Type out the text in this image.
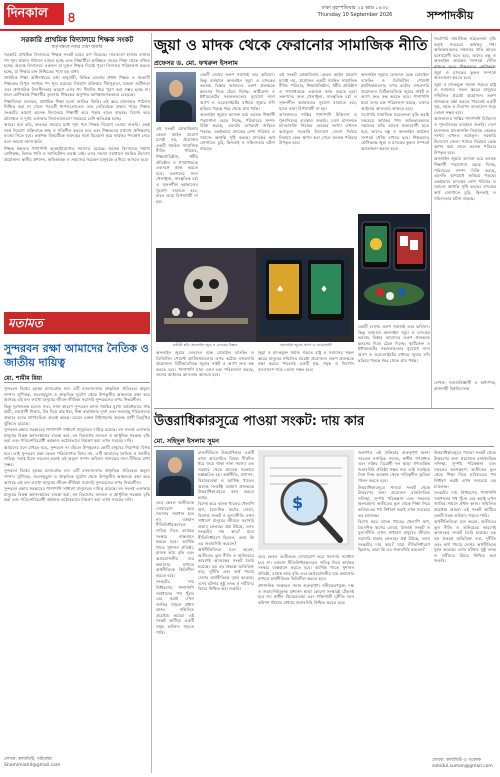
দিনকাল ৪
ঢাকা বৃহস্পতিবার ২৫ ভাদ্র ১৪৩৩
Thursday 10 September 2026	সম্পাদকীয়
সরকারি প্রাথমিক বিদ্যালয়ে শিক্ষক সংকট
কর্তৃপক্ষকে নজর দেয়া জরুরি

সরকারি প্রাথমিক বিদ্যালয়ে শিক্ষক সংকট চরমে রূপ নিয়েছে। সারাদেশে হাজার হাজার পদ শূন্য থাকায় পাঠদান ব্যাহত হচ্ছে এবং শিক্ষার্থীরা কাঙ্ক্ষিত মানের শিক্ষা থেকে বঞ্চিত হচ্ছে। অনেক বিদ্যালয়ে একজন বা দুজন শিক্ষক দিয়েই পুরো বিদ্যালয় পরিচালনা করতে হচ্ছে, যা শিক্ষার মান নিশ্চিতের পথে বড় বাধা।

প্রাথমিক শিক্ষা অধিদপ্তরের তথ্য অনুযায়ী, বিভিন্ন জেলায় প্রধান শিক্ষক ও সহকারী শিক্ষকের বিপুল সংখ্যক পদ শূন্য রয়েছে। নিয়োগ প্রক্রিয়ার দীর্ঘসূত্রতা, মামলা জটিলতা এবং প্রশাসনিক উদাসীনতার কারণে এসব পদ দীর্ঘদিন ধরে পূরণ করা সম্ভব হচ্ছে না। ফলে শ্রেণিকক্ষে শিক্ষার্থীর তুলনায় শিক্ষকের অনুপাত আশঙ্কাজনকভাবে বেড়েছে।

শিক্ষাবিদরা বলছেন, প্রাথমিক শিক্ষা হলো জাতির ভিত্তি। এই স্তরে মানসম্মত পাঠদান নিশ্চিত করা না গেলে পরবর্তী ধাপগুলোতেও তার নেতিবাচক প্রভাব পড়ে। শিক্ষক সংকটের কারণে অনেক বিদ্যালয়ে শিক্ষার্থী ঝরে পড়ার হারও বাড়ছে। বিশেষ করে গ্রামাঞ্চল ও দুর্গম এলাকার বিদ্যালয়গুলো সবচেয়ে বেশি ক্ষতিগ্রস্ত হচ্ছে।

আমরা মনে করি, দ্রুততম সময়ের মধ্যে শূন্য পদে শিক্ষক নিয়োগ দেওয়া জরুরি। একই সঙ্গে নিয়োগ প্রক্রিয়াকে স্বচ্ছ ও গতিশীল করতে হবে এবং শিক্ষকদের যথাযথ প্রশিক্ষণের ব্যবস্থা নিতে হবে। কর্তৃপক্ষ বিষয়টিকে গুরুত্বের সঙ্গে বিবেচনা করে কার্যকর পদক্ষেপ নেবে বলে আমরা আশা করি।

শিক্ষক স্বল্পতার পাশাপাশি অবকাঠামোগত সমস্যাও রয়েছে। অনেক বিদ্যালয়ে পর্যাপ্ত শ্রেণিকক্ষ, বিশুদ্ধ পানি ও স্যানিটেশন ব্যবস্থা নেই। এসব সমস্যা সমাধানে সমন্বিত উদ্যোগ প্রয়োজন। স্থানীয় প্রশাসন, অভিভাবক ও সমাজের সচেতন মানুষকে এগিয়ে আসতে হবে।

মতামত
সুন্দরবন রক্ষা আমাদের নৈতিক ও জাতীয় দায়িত্ব
মো. শামীম মিয়া

সুন্দরবন বিশ্বের বৃহত্তম ম্যানগ্রোভ বন। এটি বাংলাদেশের প্রাকৃতিক ঐতিহ্যের অমূল্য সম্পদ। ঘূর্ণিঝড়, জলোচ্ছ্বাস ও প্রাকৃতিক দুর্যোগ থেকে উপকূলীয় অঞ্চলকে রক্ষা করে আসছে এই বন। লাখো মানুষের জীবন-জীবিকা সরাসরি সুন্দরবনের ওপর নির্ভরশীল।

কিন্তু দুঃখজনক হলেও সত্য, নানা কারণে সুন্দরবন আজ হুমকির মুখে। অবৈধভাবে গাছ কাটা, বন্যপ্রাণী শিকার, বিষ দিয়ে মাছ ধরা, শিল্প কারখানার দূষণ এবং জলবায়ু পরিবর্তনের প্রভাবে বনের প্রাণবৈচিত্র্য ক্রমেই কমছে। রয়েল বেঙ্গল টাইগারসহ অনেক প্রাণী বিলুপ্তির ঝুঁকিতে রয়েছে।

সুন্দরবন রক্ষায় সরকারের পাশাপাশি সাধারণ মানুষেরও দায়িত্ব রয়েছে। বন সংলগ্ন এলাকার মানুষের বিকল্প কর্মসংস্থানের ব্যবস্থা করা, বন বিভাগের জনবল ও আধুনিক সরঞ্জাম বৃদ্ধি করা এবং পরিবেশবিরোধী কর্মকাণ্ড কঠোরভাবে নিয়ন্ত্রণ করা এখন সময়ের দাবি।

আমাদের মনে রাখতে হবে, সুন্দরবন না বাঁচলে উপকূলের কোটি মানুষের নিরাপত্তা বিপন্ন হবে। তাই সুন্দরবন রক্ষা কেবল পরিবেশগত বিষয় নয়, এটি আমাদের নৈতিক ও জাতীয় দায়িত্ব। সবাই মিলে সচেতন হলেই এই অমূল্য সম্পদ ভবিষ্যৎ প্রজন্মের জন্য টিকিয়ে রাখা সম্ভব।

সুন্দরবন বিশ্বের বৃহত্তম ম্যানগ্রোভ বন। এটি বাংলাদেশের প্রাকৃতিক ঐতিহ্যের অমূল্য সম্পদ। ঘূর্ণিঝড়, জলোচ্ছ্বাস ও প্রাকৃতিক দুর্যোগ থেকে উপকূলীয় অঞ্চলকে রক্ষা করে আসছে এই বন। লাখো মানুষের জীবন-জীবিকা সরাসরি সুন্দরবনের ওপর নির্ভরশীল।

সুন্দরবন রক্ষায় সরকারের পাশাপাশি সাধারণ মানুষেরও দায়িত্ব রয়েছে। বন সংলগ্ন এলাকার মানুষের বিকল্প কর্মসংস্থানের ব্যবস্থা করা, বন বিভাগের জনবল ও আধুনিক সরঞ্জাম বৃদ্ধি করা এবং পরিবেশবিরোধী কর্মকাণ্ড কঠোরভাবে নিয়ন্ত্রণ করা এখন সময়ের দাবি।

লেখক: কলামিস্ট, গাইবান্ধা
Shamimiah4@gmail.com
জুয়া ও মাদক থেকে ফেরানোর সামাজিক নীতি
প্রফেসর ড. মো. ফখরুল ইসলাম

একটি দেশের তরুণ সমাজই তার ভবিষ্যৎ। কিন্তু বর্তমানে অনলাইন জুয়া ও মাদকের ভয়াবহ বিস্তার আমাদের তরুণ প্রজন্মকে ধ্বংসের দিকে ঠেলে দিচ্ছে। স্মার্টফোন ও ইন্টারনেটের সহজলভ্যতার সুযোগে নানা অ্যাপ ও ওয়েবসাইটের মাধ্যমে জুয়ার ফাঁদ ছড়িয়ে পড়ছে শহর থেকে গ্রাম পর্যন্ত।

অনলাইন জুয়ায় আসক্ত হয়ে অনেক শিক্ষার্থী পড়াশোনা ছেড়ে দিচ্ছে, পরিবারের সম্পদ বিক্রি করছে, এমনকি অপরাধে জড়িয়ে পড়ছে। একইভাবে মাদকের নেশা পরিবার ও সমাজে অশান্তি সৃষ্টি করছে। মাদকের অর্থ জোগাতে চুরি, ছিনতাই ও সহিংসতার ঘটনা বাড়ছে।

এই সংকট মোকাবিলায় কেবল আইন প্রয়োগ যথেষ্ট নয়, প্রয়োজন একটি সমন্বিত সামাজিক নীতি। পরিবার, শিক্ষাপ্রতিষ্ঠান, ধর্মীয় প্রতিষ্ঠান ও গণমাধ্যমকে একসঙ্গে কাজ করতে হবে। তরুণদের জন্য খেলাধুলা, সাংস্কৃতিক চর্চা ও সৃজনশীল কর্মকাণ্ডের সুযোগ বাড়াতে হবে, যাতে তারা বিপথগামী না হয়।

এই সংকট মোকাবিলায় কেবল আইন প্রয়োগ যথেষ্ট নয়, প্রয়োজন একটি সমন্বিত সামাজিক নীতি। পরিবার, শিক্ষাপ্রতিষ্ঠান, ধর্মীয় প্রতিষ্ঠান ও গণমাধ্যমকে একসঙ্গে কাজ করতে হবে। তরুণদের জন্য খেলাধুলা, সাংস্কৃতিক চর্চা ও সৃজনশীল কর্মকাণ্ডের সুযোগ বাড়াতে হবে, যাতে তারা বিপথগামী না হয়।

আসক্তদের শাস্তির পাশাপাশি চিকিৎসা ও পুনর্বাসনের ব্যবস্থাও জরুরি। দেশে মানসম্মত মাদকাসক্তি নিরাময় কেন্দ্রের সংখ্যা এখনও অপ্রতুল। সরকারি উদ্যোগে জেলা পর্যায়ে নিরাময় কেন্দ্র স্থাপন করা গেলে অনেক পরিবার উপকৃত হবে।

অনলাইন জুয়ার লেনদেন বন্ধে মোবাইল ব্যাংকিং ও ডিজিটাল পেমেন্ট প্ল্যাটফর্মগুলোর ওপর কঠোর নজরদারি প্রয়োজন। বিটিআরসিকে জুয়ার সাইট ও অ্যাপ দ্রুত বন্ধ করতে হবে। পাশাপাশি যারা এসব চক্র পরিচালনা করছে, তাদের আইনের আওতায় আনতে হবে।

সর্বোপরি সামাজিক সচেতনতা বৃদ্ধি করাই সবচেয়ে কার্যকর পথ। অভিভাবকদের সন্তানের প্রতি আরও মনোযোগী হতে হবে, তাদের বন্ধু ও অনলাইন কার্যক্রম সম্পর্কে খোঁজ রাখতে হবে। শিক্ষকদের শ্রেণিকক্ষে জুয়া ও মাদকের কুফল সম্পর্কে আলোচনা করতে হবে।

সর্বোপরি সামাজিক সচেতনতা বৃদ্ধি করাই সবচেয়ে কার্যকর পথ। অভিভাবকদের সন্তানের প্রতি আরও মনোযোগী হতে হবে, তাদের বন্ধু ও অনলাইন কার্যক্রম সম্পর্কে খোঁজ রাখতে হবে। শিক্ষকদের শ্রেণিকক্ষে জুয়া ও মাদকের কুফল সম্পর্কে আলোচনা করতে হবে।

জুয়া ও মাদকমুক্ত সমাজ গড়তে রাষ্ট্র ও সমাজের সকল স্তরের মানুষের সম্মিলিত প্রচেষ্টা প্রয়োজন। তরুণ প্রজন্মকে রক্ষা করতে পারলেই একটি সুস্থ, সমৃদ্ধ ও নিরাপদ বাংলাদেশ গড়ে তোলা সম্ভব হবে।

আসক্তদের শাস্তির পাশাপাশি চিকিৎসা ও পুনর্বাসনের ব্যবস্থাও জরুরি। দেশে মানসম্মত মাদকাসক্তি নিরাময় কেন্দ্রের সংখ্যা এখনও অপ্রতুল। সরকারি উদ্যোগে জেলা পর্যায়ে নিরাময় কেন্দ্র স্থাপন করা গেলে অনেক পরিবার উপকৃত হবে।

অনলাইন জুয়ায় আসক্ত হয়ে অনেক শিক্ষার্থী পড়াশোনা ছেড়ে দিচ্ছে, পরিবারের সম্পদ বিক্রি করছে, এমনকি অপরাধে জড়িয়ে পড়ছে। একইভাবে মাদকের নেশা পরিবার ও সমাজে অশান্তি সৃষ্টি করছে। মাদকের অর্থ জোগাতে চুরি, ছিনতাই ও সহিংসতার ঘটনা বাড়ছে।

লেখক: সমাজবিজ্ঞানী ও অধ্যাপক, রাজশাহী বিশ্ববিদ্যালয়
♠	♦
প্রতীকী ছবি: অনলাইন জুয়া ও মাদকের বিস্তার	অনলাইন জুয়ার অ্যাপ ও ওয়েবসাইট

অনলাইন জুয়ার লেনদেন বন্ধে মোবাইল ব্যাংকিং ও ডিজিটাল পেমেন্ট প্ল্যাটফর্মগুলোর ওপর কঠোর নজরদারি প্রয়োজন। বিটিআরসিকে জুয়ার সাইট ও অ্যাপ দ্রুত বন্ধ করতে হবে। পাশাপাশি যারা এসব চক্র পরিচালনা করছে, তাদের আইনের আওতায় আনতে হবে।

জুয়া ও মাদকমুক্ত সমাজ গড়তে রাষ্ট্র ও সমাজের সকল স্তরের মানুষের সম্মিলিত প্রচেষ্টা প্রয়োজন। তরুণ প্রজন্মকে রক্ষা করতে পারলেই একটি সুস্থ, সমৃদ্ধ ও নিরাপদ বাংলাদেশ গড়ে তোলা সম্ভব হবে।

একটি দেশের তরুণ সমাজই তার ভবিষ্যৎ। কিন্তু বর্তমানে অনলাইন জুয়া ও মাদকের ভয়াবহ বিস্তার আমাদের তরুণ প্রজন্মকে ধ্বংসের দিকে ঠেলে দিচ্ছে। স্মার্টফোন ও ইন্টারনেটের সহজলভ্যতার সুযোগে নানা অ্যাপ ও ওয়েবসাইটের মাধ্যমে জুয়ার ফাঁদ ছড়িয়ে পড়ছে শহর থেকে গ্রাম পর্যন্ত।

উত্তরাধিকারসূত্রে পাওয়া সংকট: দায় কার
মো. সহিদুল ইসলাম সুমন

রাজনীতিতে উত্তরাধিকার একটি বহুল আলোচিত বিষয়। দীর্ঘদিন ধরে জমে থাকা নানা সমস্যা এক সরকার থেকে আরেক সরকারে হস্তান্তরিত হয়। অর্থনীতি, প্রশাসন, বিচারব্যবস্থা ও আর্থিক খাতের অনেক সংকটই বর্তমান প্রজন্মকে উত্তরাধিকারসূত্রে বহন করতে হচ্ছে।

বিশেষ করে ব্যাংক খাতের খেলাপি ঋণ, বৈদেশিক ঋণের বোঝা, রিজার্ভ সংকট ও মূল্যস্ফীতি এখন সাধারণ মানুষের জীবনে সরাসরি প্রভাব ফেলছে। প্রশ্ন উঠছে, এসব সংকটের দায় কার? যারা নীতিনির্ধারণে ছিলেন, তারা কি এর জবাবদিহি করবেন?

অর্থনীতিবিদরা মনে করেন, অতীতের ভুল নীতি ও অনিয়মের কারণেই আজকের সংকট তৈরি হয়েছে। বড় বড় প্রকল্পে অতিরিক্ত ব্যয়, দুর্নীতি এবং অর্থ পাচার দেশের অর্থনীতিকে দুর্বল করেছে। এসব ঘটনার সুষ্ঠু তদন্ত ও দায়ীদের বিচার নিশ্চিত করা জরুরি।

তবে কেবল অতীতকে দোষারোপ করে সমস্যার সমাধান হবে না। বর্তমান নীতিনির্ধারকদেরও দায়িত্ব নিয়ে কার্যকর সংস্কার বাস্তবায়ন করতে হবে। আর্থিক খাতে সুশাসন প্রতিষ্ঠা, রাজস্ব আয় বৃদ্ধি এবং অপ্রয়োজনীয় ব্যয় কমানোর মাধ্যমে অর্থনীতিকে স্থিতিশীল করতে হবে।

সংকটের দায় নির্ধারণের পাশাপাশি সমাধানের পথ খুঁজে বের করাই এখন জাতির সামনে প্রধান কাজ। সম্মিলিত প্রচেষ্টায় আমরা এই সংকট কাটিয়ে একটি সমৃদ্ধ ভবিষ্যৎ গড়তে পারি।

$

তবে কেবল অতীতকে দোষারোপ করে সমস্যার সমাধান হবে না। বর্তমান নীতিনির্ধারকদেরও দায়িত্ব নিয়ে কার্যকর সংস্কার বাস্তবায়ন করতে হবে। আর্থিক খাতে সুশাসন প্রতিষ্ঠা, রাজস্ব আয় বৃদ্ধি এবং অপ্রয়োজনীয় ব্যয় কমানোর মাধ্যমে অর্থনীতিকে স্থিতিশীল করতে হবে।

প্রশাসনিক সংস্কারও সমান গুরুত্বপূর্ণ। দলীয়করণমুক্ত, দক্ষ ও জবাবদিহিমূলক প্রশাসন ছাড়া কোনো সংস্কারই টেকসই হবে না। স্বাধীন বিচারব্যবস্থা এবং শক্তিশালী দুর্নীতি দমন কমিশন গঠনের মাধ্যমে জবাবদিহি নিশ্চিত করতে হবে।

জনগণও এই প্রক্রিয়ার গুরুত্বপূর্ণ অংশ। সচেতন নাগরিক সমাজ, স্বাধীন গণমাধ্যম এবং সক্রিয় বিরোধী দল ছাড়া গণতান্ত্রিক জবাবদিহি প্রতিষ্ঠা সম্ভব নয়। তাই সবাইকে নিজ নিজ অবস্থান থেকে দায়িত্বশীল ভূমিকা পালন করতে হবে।

উত্তরাধিকারসূত্রে পাওয়া সংকট থেকে উত্তরণের জন্য প্রয়োজন রাজনৈতিক সদিচ্ছা, সুস্পষ্ট পরিকল্পনা এবং সকলের অংশগ্রহণ। অতীতের ভুল থেকে শিক্ষা নিয়ে ভবিষ্যতের পথ নির্ধারণ করাই এখন সবচেয়ে বড় চ্যালেঞ্জ।

বিশেষ করে ব্যাংক খাতের খেলাপি ঋণ, বৈদেশিক ঋণের বোঝা, রিজার্ভ সংকট ও মূল্যস্ফীতি এখন সাধারণ মানুষের জীবনে সরাসরি প্রভাব ফেলছে। প্রশ্ন উঠছে, এসব সংকটের দায় কার? যারা নীতিনির্ধারণে ছিলেন, তারা কি এর জবাবদিহি করবেন?

উত্তরাধিকারসূত্রে পাওয়া সংকট থেকে উত্তরণের জন্য প্রয়োজন রাজনৈতিক সদিচ্ছা, সুস্পষ্ট পরিকল্পনা এবং সকলের অংশগ্রহণ। অতীতের ভুল থেকে শিক্ষা নিয়ে ভবিষ্যতের পথ নির্ধারণ করাই এখন সবচেয়ে বড় চ্যালেঞ্জ।

সংকটের দায় নির্ধারণের পাশাপাশি সমাধানের পথ খুঁজে বের করাই এখন জাতির সামনে প্রধান কাজ। সম্মিলিত প্রচেষ্টায় আমরা এই সংকট কাটিয়ে একটি সমৃদ্ধ ভবিষ্যৎ গড়তে পারি।

অর্থনীতিবিদরা মনে করেন, অতীতের ভুল নীতি ও অনিয়মের কারণেই আজকের সংকট তৈরি হয়েছে। বড় বড় প্রকল্পে অতিরিক্ত ব্যয়, দুর্নীতি এবং অর্থ পাচার দেশের অর্থনীতিকে দুর্বল করেছে। এসব ঘটনার সুষ্ঠু তদন্ত ও দায়ীদের বিচার নিশ্চিত করা জরুরি।

লেখক: কলামিস্ট ও গবেষক
sohidul.suman@gmail.com
